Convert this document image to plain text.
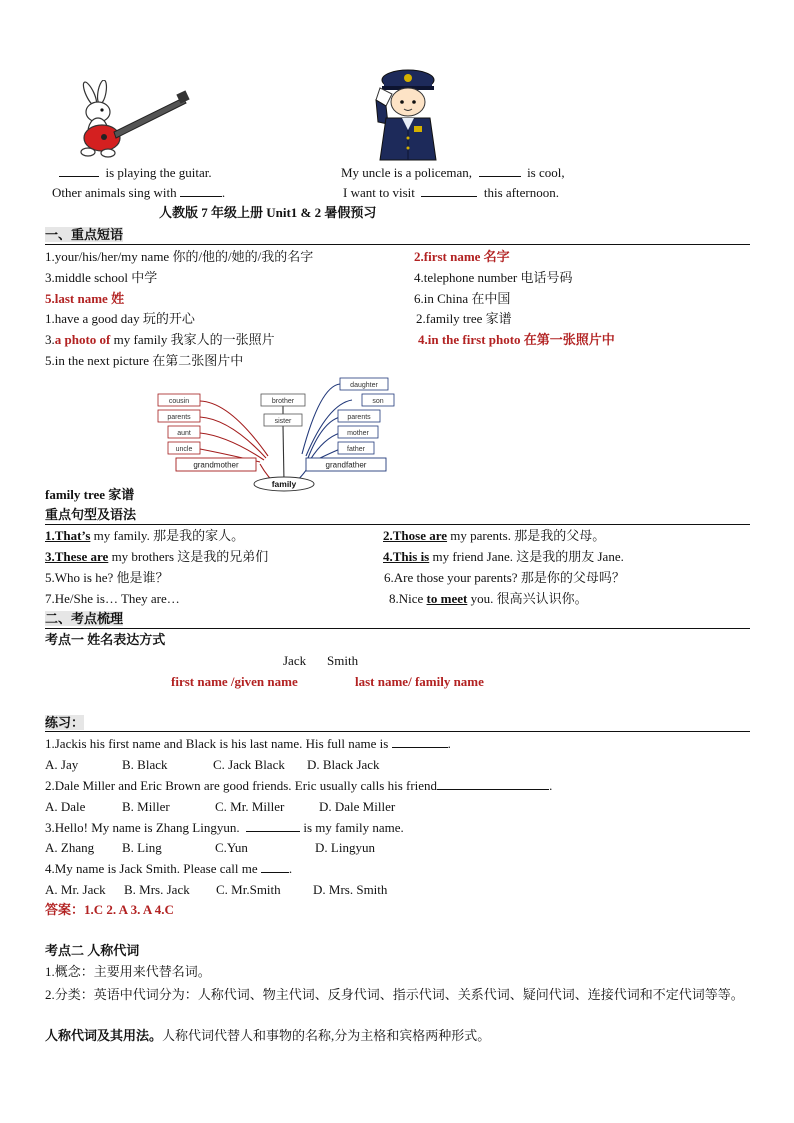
is playing the guitar.	My uncle is a policeman,	is cool,
Other animals sing with	.	I want to visit	this afternoon.
人教版 7 年级上册 Unit1 & 2 暑假预习
一、重点短语
1.your/his/her/my name 你的/他的/她的/我的名字	2.first name 名字
3.middle school 中学	4.telephone number 电话号码
5.last name 姓	6.in China 在中国
1.have a good day 玩的开心	2.family tree 家谱
3.a photo of my family 我家人的一张照片	4.in the first photo 在第一张照片中
5.in the next picture 在第二张图片中
cousin
parents
aunt
uncle
grandmother
brother
sister
daughter
son
parents
mother
father
grandfather
family
family tree 家谱
重点句型及语法
1.That’s my family. 那是我的家人。	2.Those are my parents. 那是我的父母。
3.These are my brothers 这是我的兄弟们	4.This is my friend Jane. 这是我的朋友 Jane.
5.Who is he? 他是谁？	6.Are those your parents? 那是你的父母吗？
7.He/She is… They are…	8.Nice to meet you. 很高兴认识你。
二、考点梳理
考点一 姓名表达方式
Jack Smith
first name /given name	last name/ family name
练习：
1.Jackis his first name and Black is his last name. His full name is	.
A. Jay	B. Black	C. Jack Black D. Black Jack
2.Dale Miller and Eric Brown are good friends. Eric usually calls his friend	.
A. Dale	B. Miller	C. Mr. Miller	D. Dale Miller
3.Hello! My name is Zhang Lingyun.	is my family name.
A. Zhang B. Ling	C.Yun	D. Lingyun
4.My name is Jack Smith. Please call me .
A. Mr. Jack B. Mrs. Jack C. Mr.Smith D. Mrs. Smith
答案：1.C 2. A 3. A 4.C
考点二 人称代词
1.概念：主要用来代替名词。
2.分类：英语中代词分为：人称代词、物主代词、反身代词、指示代词、关系代词、疑问代词、连接代词和不定代词等等。
人称代词及其用法。人称代词代替人和事物的名称,分为主格和宾格两种形式。
